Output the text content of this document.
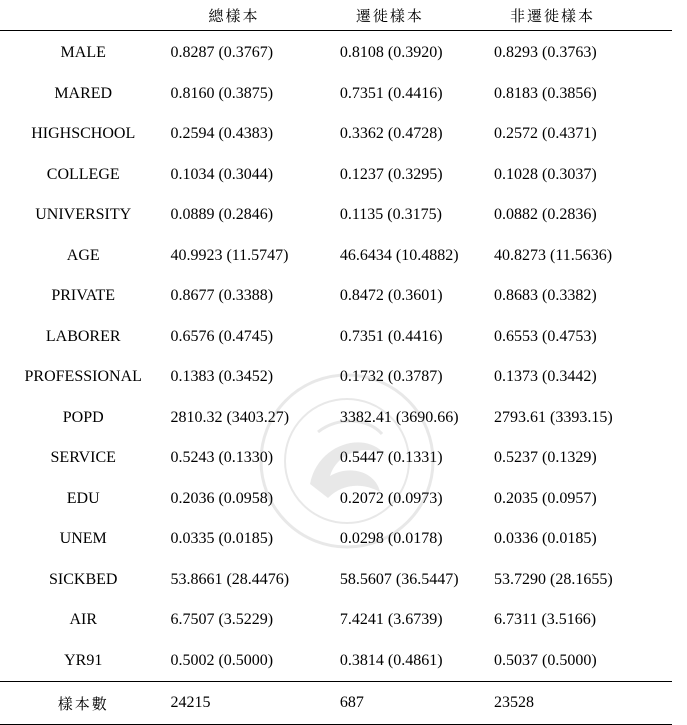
	總樣本	遷徙樣本	非遷徙樣本
MALE	0.8287 (0.3767)	0.8108 (0.3920)	0.8293 (0.3763)
MARED	0.8160 (0.3875)	0.7351 (0.4416)	0.8183 (0.3856)
HIGHSCHOOL	0.2594 (0.4383)	0.3362 (0.4728)	0.2572 (0.4371)
COLLEGE	0.1034 (0.3044)	0.1237 (0.3295)	0.1028 (0.3037)
UNIVERSITY	0.0889 (0.2846)	0.1135 (0.3175)	0.0882 (0.2836)
AGE	40.9923 (11.5747)	46.6434 (10.4882)	40.8273 (11.5636)
PRIVATE	0.8677 (0.3388)	0.8472 (0.3601)	0.8683 (0.3382)
LABORER	0.6576 (0.4745)	0.7351 (0.4416)	0.6553 (0.4753)
PROFESSIONAL	0.1383 (0.3452)	0.1732 (0.3787)	0.1373 (0.3442)
POPD	2810.32 (3403.27)	3382.41 (3690.66)	2793.61 (3393.15)
SERVICE	0.5243 (0.1330)	0.5447 (0.1331)	0.5237 (0.1329)
EDU	0.2036 (0.0958)	0.2072 (0.0973)	0.2035 (0.0957)
UNEM	0.0335 (0.0185)	0.0298 (0.0178)	0.0336 (0.0185)
SICKBED	53.8661 (28.4476)	58.5607 (36.5447)	53.7290 (28.1655)
AIR	6.7507 (3.5229)	7.4241 (3.6739)	6.7311 (3.5166)
YR91	0.5002 (0.5000)	0.3814 (0.4861)	0.5037 (0.5000)
樣本數	24215	687	23528
